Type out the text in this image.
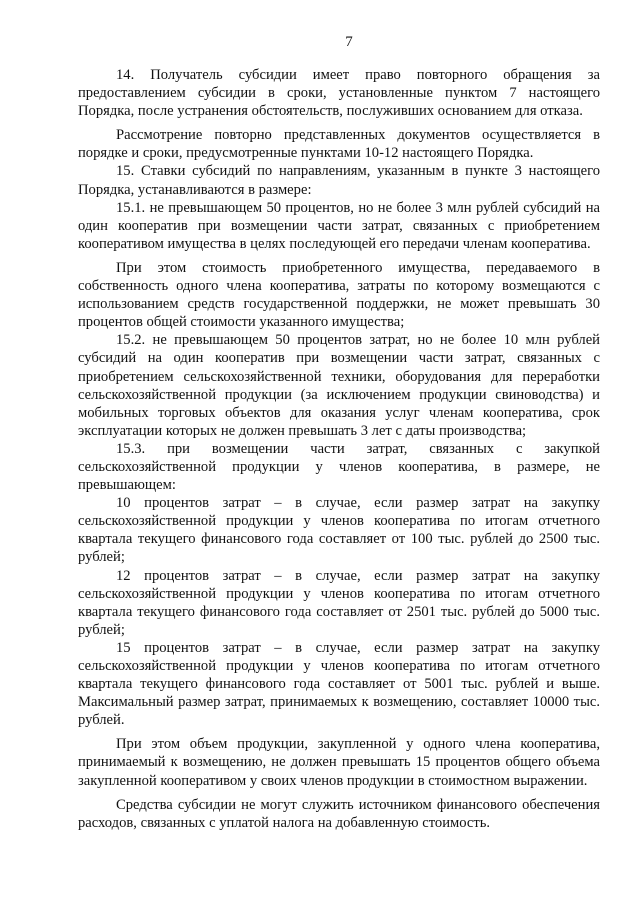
7

14. Получатель субсидии имеет право повторного обращения за предоставлением субсидии в сроки, установленные пунктом 7 настоящего Порядка, после устранения обстоятельств, послуживших основанием для отказа.

Рассмотрение повторно представленных документов осуществляется в порядке и сроки, предусмотренные пунктами 10-12 настоящего Порядка.

15. Ставки субсидий по направлениям, указанным в пункте 3 настоящего Порядка, устанавливаются в размере:

15.1. не превышающем 50 процентов, но не более 3 млн рублей субсидий на один кооператив при возмещении части затрат, связанных с приобретением кооперативом имущества в целях последующей его передачи членам кооператива.

При этом стоимость приобретенного имущества, передаваемого в собственность одного члена кооператива, затраты по которому возмещаются с использованием средств государственной поддержки, не может превышать 30 процентов общей стоимости указанного имущества;

15.2. не превышающем 50 процентов затрат, но не более 10 млн рублей субсидий на один кооператив при возмещении части затрат, связанных с приобретением сельскохозяйственной техники, оборудования для переработки сельскохозяйственной продукции (за исключением продукции свиноводства) и мобильных торговых объектов для оказания услуг членам кооператива, срок эксплуатации которых не должен превышать 3 лет с даты производства;

15.3. при возмещении части затрат, связанных с закупкой сельскохозяйственной продукции у членов кооператива, в размере, не превышающем:

10 процентов затрат – в случае, если размер затрат на закупку сельскохозяйственной продукции у членов кооператива по итогам отчетного квартала текущего финансового года составляет от 100 тыс. рублей до 2500 тыс. рублей;

12 процентов затрат – в случае, если размер затрат на закупку сельскохозяйственной продукции у членов кооператива по итогам отчетного квартала текущего финансового года составляет от 2501 тыс. рублей до 5000 тыс. рублей;

15 процентов затрат – в случае, если размер затрат на закупку сельскохозяйственной продукции у членов кооператива по итогам отчетного квартала текущего финансового года составляет от 5001 тыс. рублей и выше. Максимальный размер затрат, принимаемых к возмещению, составляет 10000 тыс. рублей.

При этом объем продукции, закупленной у одного члена кооператива, принимаемый к возмещению, не должен превышать 15 процентов общего объема закупленной кооперативом у своих членов продукции в стоимостном выражении.

Средства субсидии не могут служить источником финансового обеспечения расходов, связанных с уплатой налога на добавленную стоимость.
